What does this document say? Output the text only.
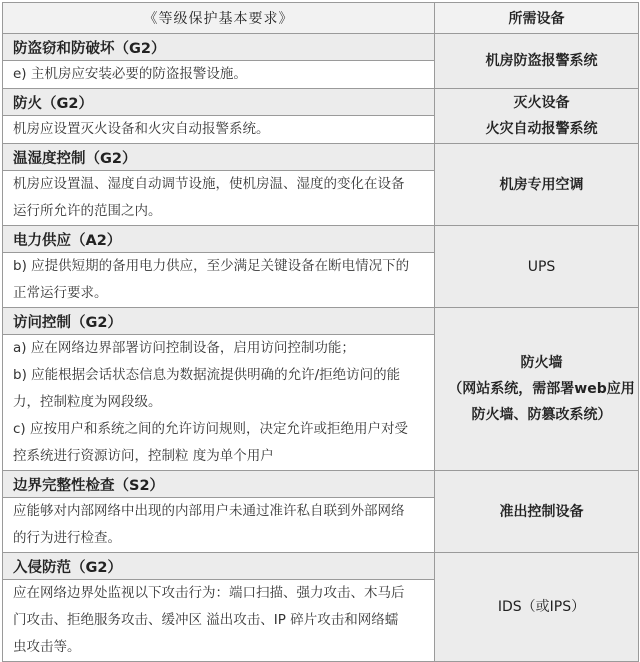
《等级保护基本要求》	所需设备
防盗窃和防破坏（G2）	机房防盗报警系统

e) 主机房应安装必要的防盗报警设施。	

防火（G2）	灭火设备
火灾自动报警系统

机房应设置灭火设备和火灾自动报警系统。	

温湿度控制（G2）	机房专用空调

机房应设置温、湿度自动调节设施，使机房温、湿度的变化在设备
运行所允许的范围之内。	

电力供应（A2）	UPS

b) 应提供短期的备用电力供应，至少满足关键设备在断电情况下的
正常运行要求。	

访问控制（G2）	防火墙
（网站系统，需部署web应用
防火墙、防篡改系统）

a) 应在网络边界部署访问控制设备，启用访问控制功能；
b) 应能根据会话状态信息为数据流提供明确的允许/拒绝访问的能
力，控制粒度为网段级。
c) 应按用户和系统之间的允许访问规则，决定允许或拒绝用户对受
控系统进行资源访问，控制粒 度为单个用户	

边界完整性检查（S2）	准出控制设备

应能够对内部网络中出现的内部用户未通过准许私自联到外部网络
的行为进行检查。	

入侵防范（G2）	IDS（或IPS）

应在网络边界处监视以下攻击行为：端口扫描、强力攻击、木马后
门攻击、拒绝服务攻击、缓冲区 溢出攻击、IP 碎片攻击和网络蠕
虫攻击等。	
